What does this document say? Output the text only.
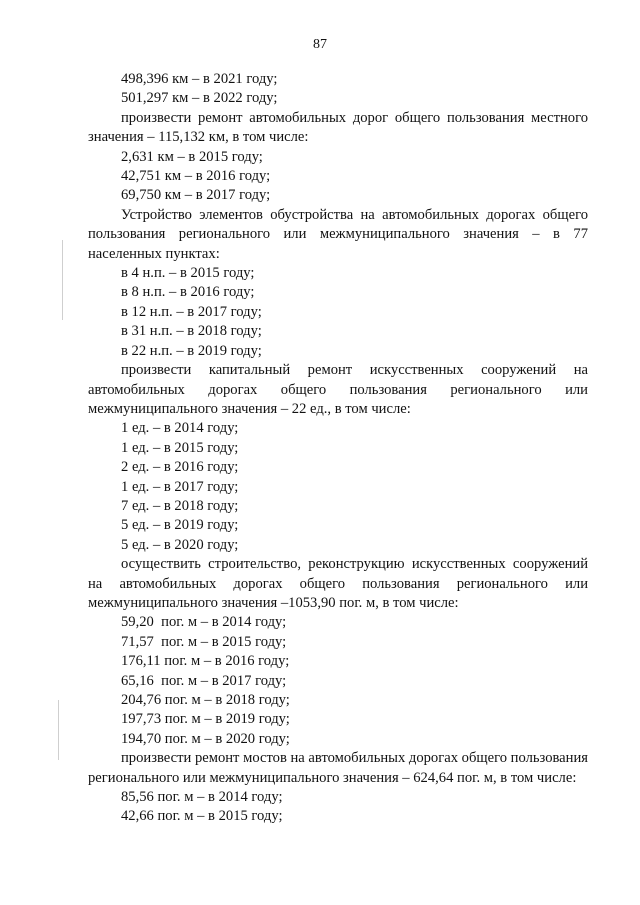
87
498,396 км – в 2021 году;
501,297 км – в 2022 году;
произвести ремонт автомобильных дорог общего пользования местного значения – 115,132 км, в том числе:
2,631 км – в 2015 году;
42,751 км – в 2016 году;
69,750 км – в 2017 году;
Устройство элементов обустройства на автомобильных дорогах общего пользования регионального или межмуниципального значения – в 77 населенных пунктах:
в 4 н.п. – в 2015 году;
в 8 н.п. – в 2016 году;
в 12 н.п. – в 2017 году;
в 31 н.п. – в 2018 году;
в 22 н.п. – в 2019 году;
произвести капитальный ремонт искусственных сооружений на автомобильных дорогах общего пользования регионального или межмуниципального значения – 22 ед., в том числе:
1 ед. – в 2014 году;
1 ед. – в 2015 году;
2 ед. – в 2016 году;
1 ед. – в 2017 году;
7 ед. – в 2018 году;
5 ед. – в 2019 году;
5 ед. – в 2020 году;
осуществить строительство, реконструкцию искусственных сооружений на автомобильных дорогах общего пользования регионального или межмуниципального значения –1053,90 пог. м, в том числе:
59,20  пог. м – в 2014 году;
71,57  пог. м – в 2015 году;
176,11 пог. м – в 2016 году;
65,16  пог. м – в 2017 году;
204,76 пог. м – в 2018 году;
197,73 пог. м – в 2019 году;
194,70 пог. м – в 2020 году;
произвести ремонт мостов на автомобильных дорогах общего пользования регионального или межмуниципального значения – 624,64 пог. м, в том числе:
85,56 пог. м – в 2014 году;
42,66 пог. м – в 2015 году;
